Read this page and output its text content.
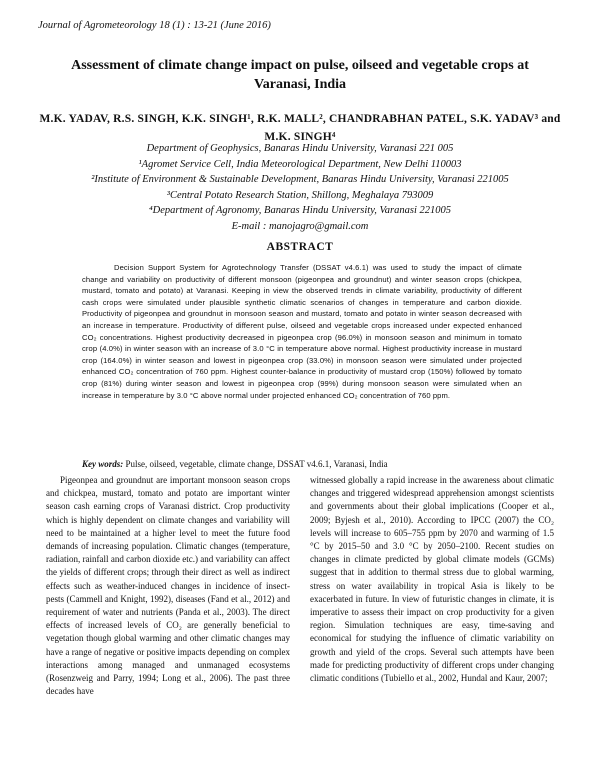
Journal of Agrometeorology 18 (1) : 13-21 (June 2016)
Assessment of climate change impact on pulse, oilseed and vegetable crops at Varanasi, India
M.K. YADAV, R.S. SINGH, K.K. SINGH¹, R.K. MALL², CHANDRABHAN PATEL, S.K. YADAV³ and M.K. SINGH⁴
Department of Geophysics, Banaras Hindu University, Varanasi 221 005
¹Agromet Service Cell, India Meteorological Department, New Delhi 110003
²Institute of Environment & Sustainable Development, Banaras Hindu University, Varanasi 221005
³Central Potato Research Station, Shillong, Meghalaya 793009
⁴Department of Agronomy, Banaras Hindu University, Varanasi 221005
E-mail : manojagro@gmail.com
ABSTRACT
Decision Support System for Agrotechnology Transfer (DSSAT v4.6.1) was used to study the impact of climate change and variability on productivity of different monsoon (pigeonpea and groundnut) and winter season crops (chickpea, mustard, tomato and potato) at Varanasi. Keeping in view the observed trends in climate variability, productivity of different cash crops were simulated under plausible synthetic climatic scenarios of changes in temperature and carbon dioxide. Productivity of pigeonpea and groundnut in monsoon season and mustard, tomato and potato in winter season decreased with an increase in temperature. Productivity of different pulse, oilseed and vegetable crops increased under expected enhanced CO₂ concentrations. Highest productivity decreased in pigeonpea crop (96.0%) in monsoon season and minimum in tomato crop (4.0%) in winter season with an increase of 3.0 °C in temperature above normal. Highest productivity increase in mustard crop (164.0%) in winter season and lowest in pigeonpea crop (33.0%) in monsoon season were simulated under projected enhanced CO₂ concentration of 760 ppm. Highest counter-balance in productivity of mustard crop (150%) followed by tomato crop (81%) during winter season and lowest in pigeonpea crop (99%) during monsoon season were simulated when an increase in temperature by 3.0 °C above normal under projected enhanced CO₂ concentration of 760 ppm.
Key words: Pulse, oilseed, vegetable, climate change, DSSAT v4.6.1, Varanasi, India

Pigeonpea and groundnut are important monsoon season crops and chickpea, mustard, tomato and potato are important winter season cash earning crops of Varanasi district. Crop productivity which is highly dependent on climate changes and variability will need to be maintained at a higher level to meet the future food demands of increasing population. Climatic changes (temperature, radiation, rainfall and carbon dioxide etc.) and variability can affect the yields of different crops; through their direct as well as indirect effects such as weather-induced changes in incidence of insect-pests (Cammell and Knight, 1992), diseases (Fand et al., 2012) and requirement of water and nutrients (Panda et al., 2003). The direct effects of increased levels of CO₂ are generally beneficial to vegetation though global warming and other climatic changes may have a range of negative or positive impacts depending on complex interactions among managed and unmanaged ecosystems (Rosenzweig and Parry, 1994; Long et al., 2006). The past three decades have

witnessed globally a rapid increase in the awareness about climatic changes and triggered widespread apprehension amongst scientists and governments about their global implications (Cooper et al., 2009; Byjesh et al., 2010). According to IPCC (2007) the CO₂ levels will increase to 605–755 ppm by 2070 and warming of 1.5 °C by 2015–50 and 3.0 °C by 2050–2100. Recent studies on changes in climate predicted by global climate models (GCMs) suggest that in addition to thermal stress due to global warming, stress on water availability in tropical Asia is likely to be exacerbated in future. In view of futuristic changes in climate, it is imperative to assess their impact on crop productivity for a given region. Simulation techniques are easy, time-saving and economical for studying the influence of climatic variability on growth and yield of the crops. Several such attempts have been made for predicting productivity of different crops under changing climatic conditions (Tubiello et al., 2002, Hundal and Kaur, 2007;
